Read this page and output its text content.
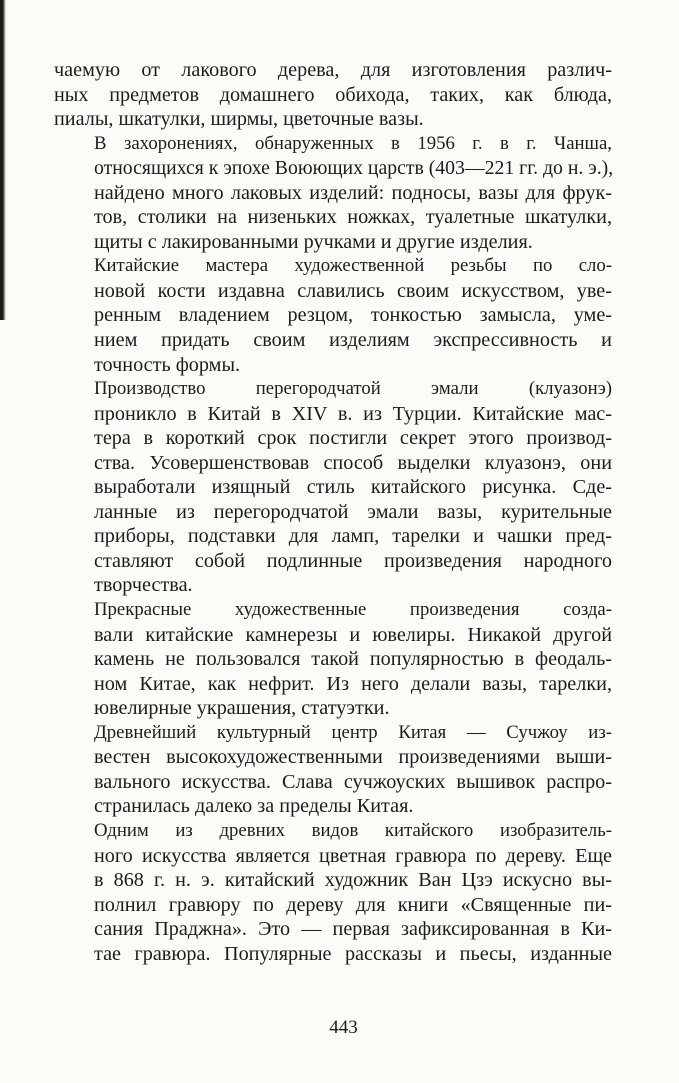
чаемую от лакового дерева, для изготовления различ-
ных предметов домашнего обихода, таких, как блюда,
пиалы, шкатулки, ширмы, цветочные вазы.

В захоронениях, обнаруженных в 1956 г. в г. Чанша,
относящихся к эпохе Воюющих царств (403—221 гг. до н. э.),
найдено много лаковых изделий: подносы, вазы для фрук-
тов, столики на низеньких ножках, туалетные шкатулки,
щиты с лакированными ручками и другие изделия.

Китайские мастера художественной резьбы по сло-
новой кости издавна славились своим искусством, уве-
ренным владением резцом, тонкостью замысла, уме-
нием придать своим изделиям экспрессивность и
точность формы.

Производство перегородчатой эмали (клуазонэ)
проникло в Китай в XIV в. из Турции. Китайские мас-
тера в короткий срок постигли секрет этого производ-
ства. Усовершенствовав способ выделки клуазонэ, они
выработали изящный стиль китайского рисунка. Сде-
ланные из перегородчатой эмали вазы, курительные
приборы, подставки для ламп, тарелки и чашки пред-
ставляют собой подлинные произведения народного
творчества.

Прекрасные художественные произведения созда-
вали китайские камнерезы и ювелиры. Никакой другой
камень не пользовался такой популярностью в феодаль-
ном Китае, как нефрит. Из него делали вазы, тарелки,
ювелирные украшения, статуэтки.

Древнейший культурный центр Китая — Сучжоу из-
вестен высокохудожественными произведениями выши-
вального искусства. Слава сучжоуских вышивок распро-
странилась далеко за пределы Китая.

Одним из древних видов китайского изобразитель-
ного искусства является цветная гравюра по дереву. Еще
в 868 г. н. э. китайский художник Ван Цзэ искусно вы-
полнил гравюру по дереву для книги «Священные пи-
сания Праджна». Это — первая зафиксированная в Ки-
тае гравюра. Популярные рассказы и пьесы, изданные

443
